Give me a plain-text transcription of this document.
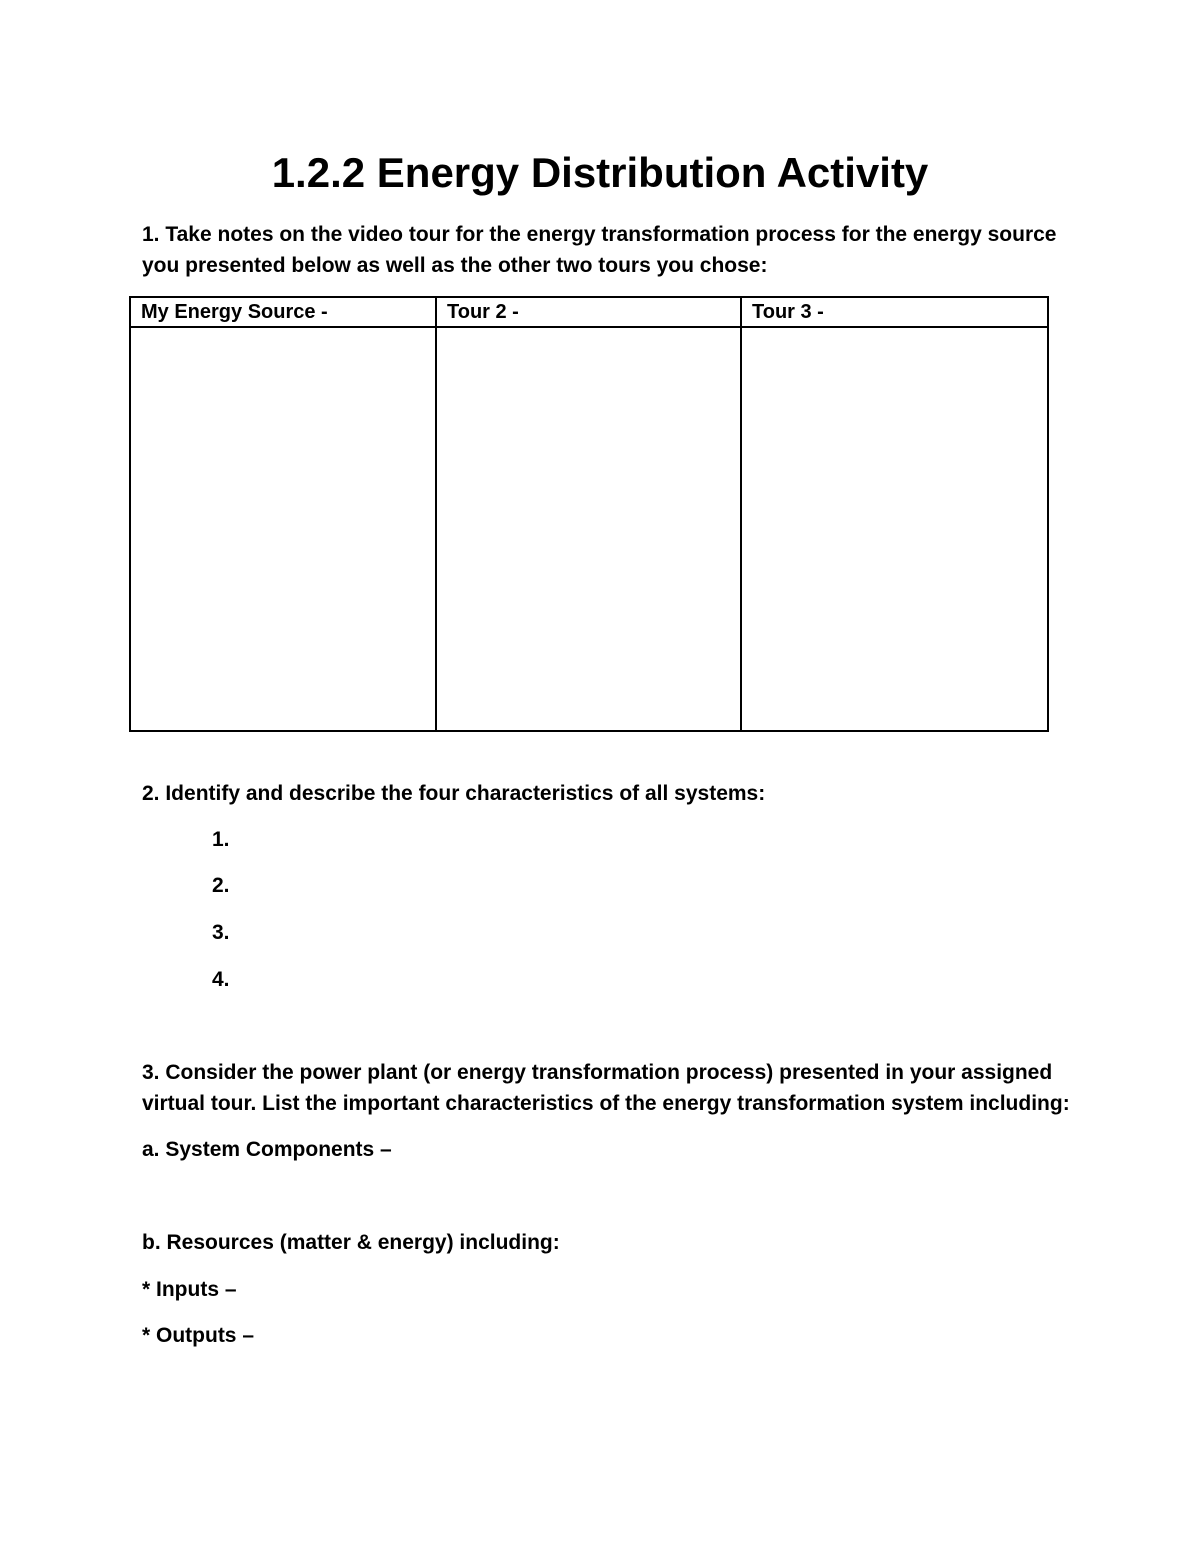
1.2.2 Energy Distribution Activity
1. Take notes on the video tour for the energy transformation process for the energy source
you presented below as well as the other two tours you chose:
My Energy Source -	Tour 2 -	Tour 3 -

2. Identify and describe the four characteristics of all systems:
1.
2.
3.
4.
3. Consider the power plant (or energy transformation process) presented in your assigned
virtual tour. List the important characteristics of the energy transformation system including:
a. System Components –
b. Resources (matter & energy) including:
* Inputs –
* Outputs –
